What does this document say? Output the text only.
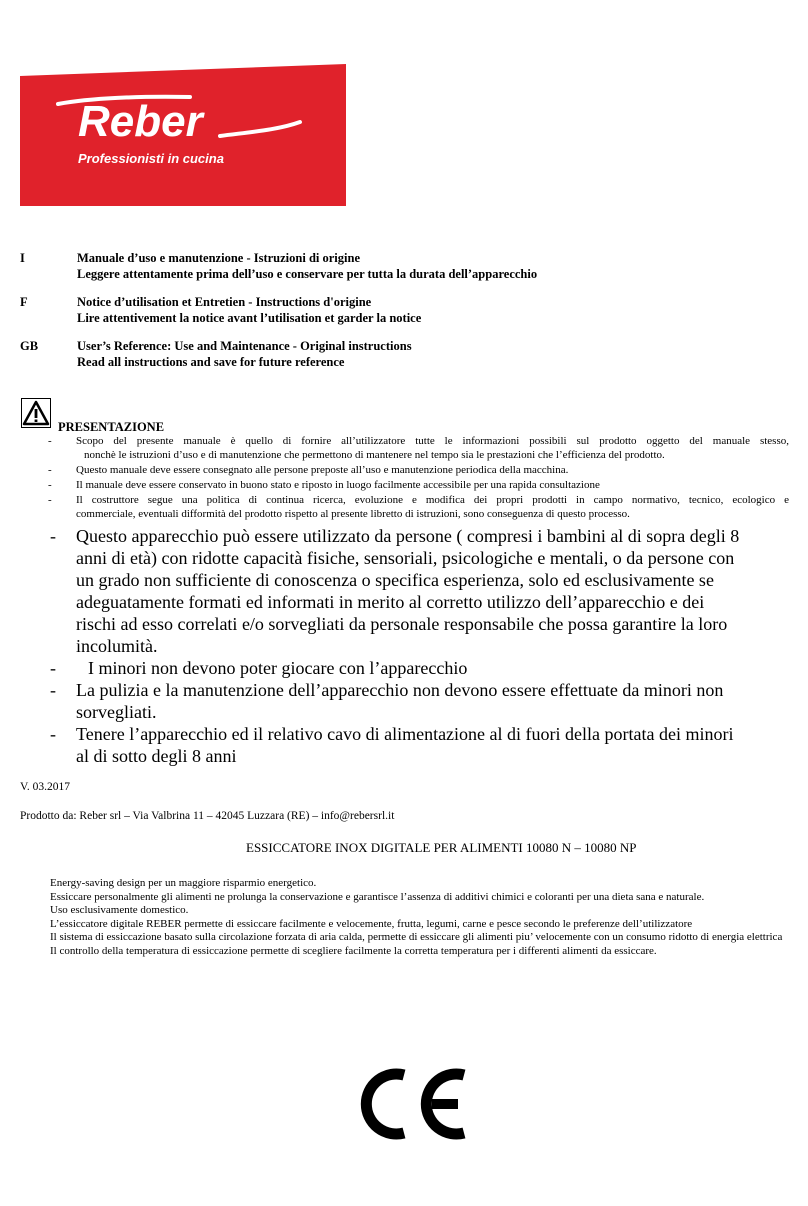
Reber
Professionisti in cucina
I	Manuale d’uso e manutenzione - Istruzioni di origine
Leggere attentamente prima dell’uso e conservare per tutta la durata dell’apparecchio
F	Notice d’utilisation et Entretien - Instructions d'origine
Lire attentivement la notice avant l’utilisation et garder la notice
GB	User’s Reference: Use and Maintenance - Original instructions
Read all instructions and save for future reference
PRESENTAZIONE
- Scopo del presente manuale è quello di fornire all’utilizzatore tutte le informazioni possibili sul prodotto oggetto del manuale stesso,
nonchè le istruzioni d’uso e di manutenzione che permettono di mantenere nel tempo sia le prestazioni che l’efficienza del prodotto.
- Questo manuale deve essere consegnato alle persone preposte all’uso e manutenzione periodica della macchina.
- Il manuale deve essere conservato in buono stato e riposto in luogo facilmente accessibile per una rapida consultazione
- Il costruttore segue una politica di continua ricerca, evoluzione e modifica dei propri prodotti in campo normativo, tecnico, ecologico e
commerciale, eventuali difformità del prodotto rispetto al presente libretto di istruzioni, sono conseguenza di questo processo.
- Questo apparecchio può essere utilizzato da persone ( compresi i bambini al di sopra degli 8
anni di età) con ridotte capacità fisiche, sensoriali, psicologiche e mentali, o da persone con
un grado non sufficiente di conoscenza o specifica esperienza, solo ed esclusivamente se
adeguatamente formati ed informati in merito al corretto utilizzo dell’apparecchio e dei
rischi ad esso correlati e/o sorvegliati da personale responsabile che possa garantire la loro
incolumità.
- I minori non devono poter giocare con l’apparecchio
- La pulizia e la manutenzione dell’apparecchio non devono essere effettuate da minori non
sorvegliati.
- Tenere l’apparecchio ed il relativo cavo di alimentazione al di fuori della portata dei minori
al di sotto degli 8 anni
V. 03.2017
Prodotto da: Reber srl – Via Valbrina 11 – 42045 Luzzara (RE) – info@rebersrl.it
ESSICCATORE INOX DIGITALE PER ALIMENTI 10080 N – 10080 NP

Energy-saving design per un maggiore risparmio energetico.

Essiccare personalmente gli alimenti ne prolunga la conservazione e garantisce l’assenza di additivi chimici e coloranti per una dieta sana e naturale.

Uso esclusivamente domestico.

L’essiccatore digitale REBER permette di essiccare facilmente e velocemente, frutta, legumi, carne e pesce secondo le preferenze dell’utilizzatore

Il sistema di essiccazione basato sulla circolazione forzata di aria calda, permette di essiccare gli alimenti piu’ velocemente con un consumo ridotto di energia elettrica

Il controllo della temperatura di essiccazione permette di scegliere facilmente la corretta temperatura per i differenti alimenti da essiccare.
